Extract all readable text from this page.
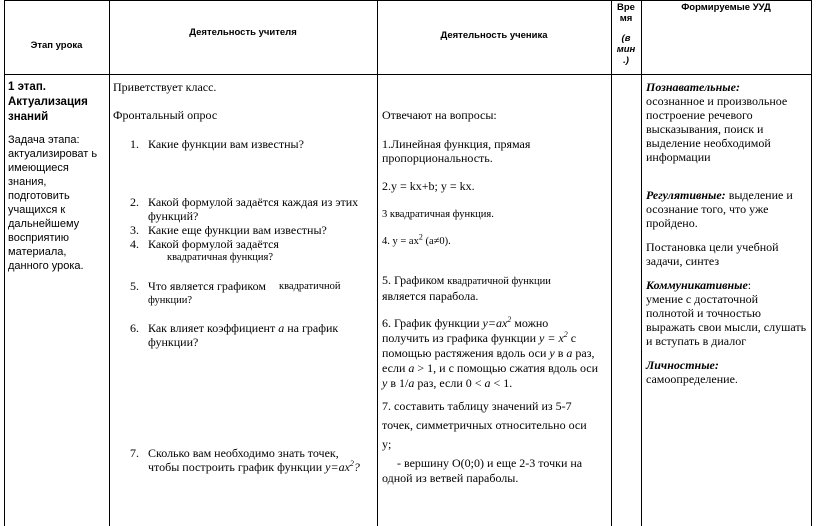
Этап урока
Деятельность учителя	Деятельность ученика
Вре
мя
(в
мин
.)
Формируемые УУД
1 этап. Актуализация знаний
Задача этапа:
актуализироват ь имеющиеся знания, подготовить учащихся к дальнейшему восприятию материала, данного урока.
Приветствует класс.
Фронтальный опрос
1. Какие функции вам известны?
2. Какой формулой задаётся каждая из этих функций?
3. Какие еще функции вам известны?
4. Какой формулой задаётся
квадратичная функция?
5. Что является графиком квадратичной
функции?
6. Как влияет коэффициент а на график
функции?
7. Сколько вам необходимо знать точек,
чтобы построить график функции $y=ax^2$?
Отвечают на вопросы:
1.Линейная функция, прямая пропорциональность.
2.y = kx+b; y = kx.
3 квадратичная функция.
4. $y = ax^2$ (a≠0).
5. Графиком квадратичной функции
является парабола.
6. График функции $y=ax^2$ можно
получить из графика функции $y = x^2$ с
помощью растяжения вдоль оси y в a раз,
если a > 1, и с помощью сжатия вдоль оси
y в 1/a раз, если 0 < a < 1.
7. составить таблицу значений из 5-7
точек, симметричных относительно оси
y;
- вершину O(0;0) и еще 2-3 точки на
одной из ветвей параболы.
Познавательные:
осознанное и произвольное построение речевого высказывания, поиск и выделение необходимой информации
Регулятивные: выделение и осознание того, что уже пройдено.
Постановка цели учебной задачи, синтез
Коммуникативные:
умение с достаточной полнотой и точностью выражать свои мысли, слушать и вступать в диалог
Личностные:
самоопределение.
